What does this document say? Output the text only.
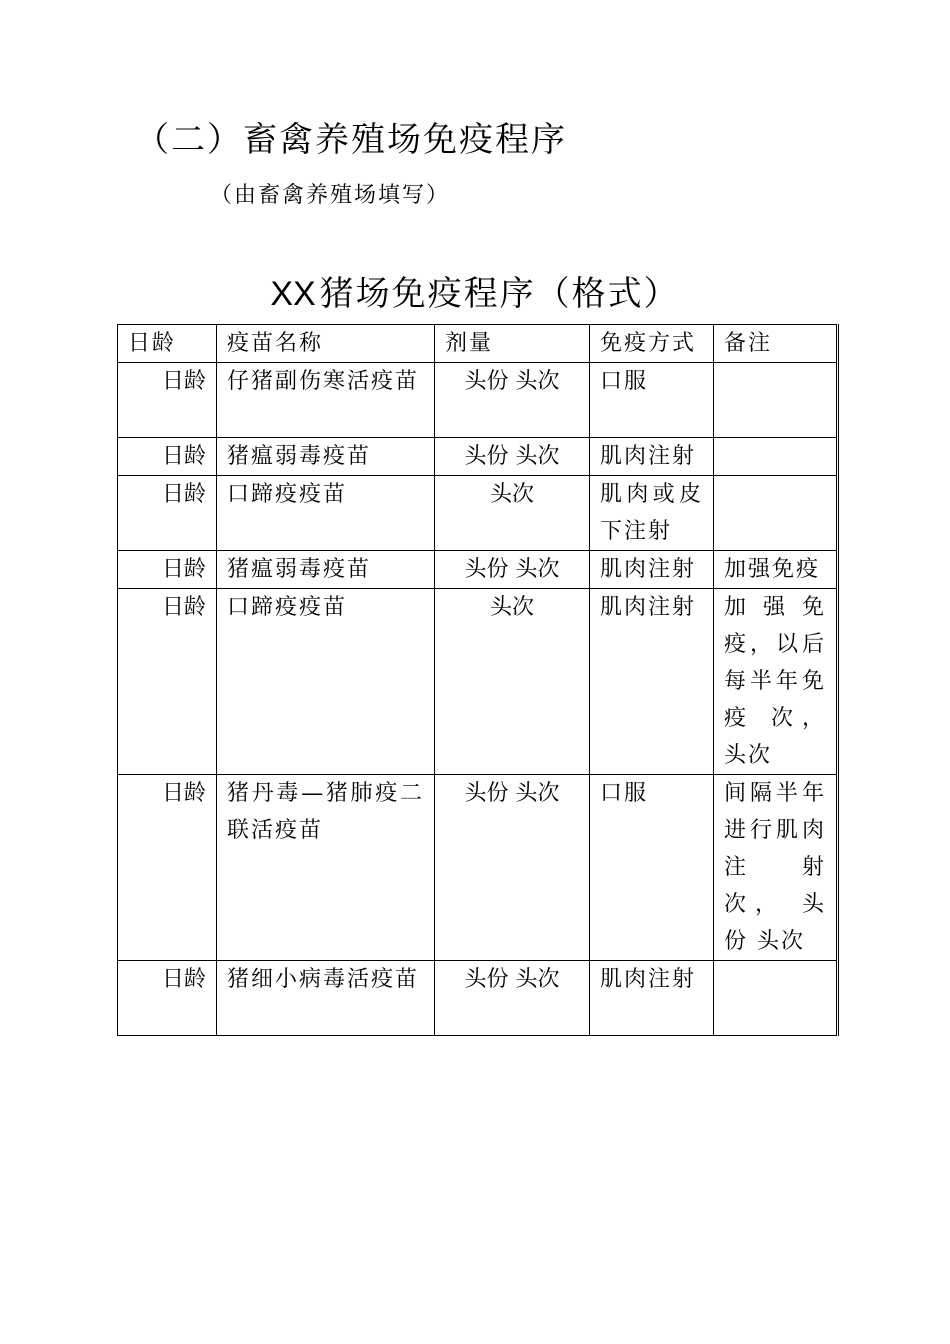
（二）畜禽养殖场免疫程序
（由畜禽养殖场填写）
XX 猪场免疫程序（格式）
日龄	疫苗名称	剂量	免疫方式	备注
日龄	仔猪副伤寒活疫苗	头份 头次	口服	
日龄	猪瘟弱毒疫苗	头份 头次	肌肉注射	
日龄	口蹄疫疫苗	头次	肌肉或皮下注射	
日龄	猪瘟弱毒疫苗	头份 头次	肌肉注射	加强免疫
日龄	口蹄疫疫苗	头次	肌肉注射	加强免疫，以后每半年免疫 次， 头次
日龄	猪丹毒—猪肺疫二联活疫苗	头份 头次	口服	间隔半年进行肌肉注射 次， 头份 头次
日龄	猪细小病毒活疫苗	头份 头次	肌肉注射	
